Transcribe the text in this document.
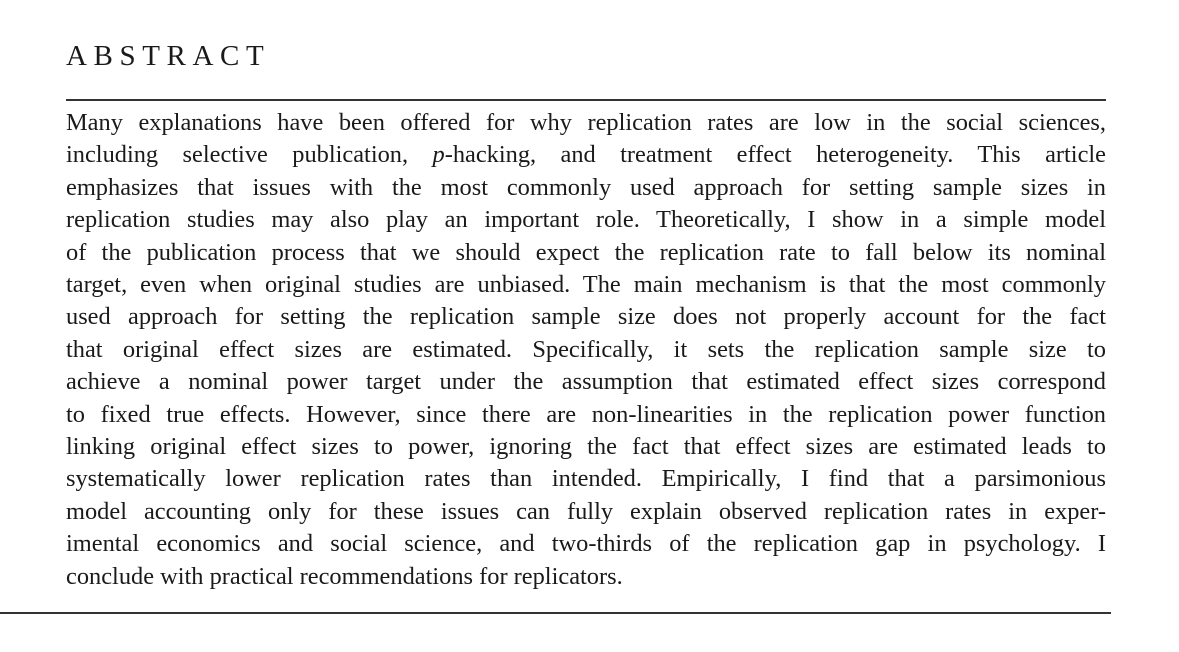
ABSTRACT
Many explanations have been offered for why replication rates are low in the social sciences,
including selective publication, p-hacking, and treatment effect heterogeneity. This article
emphasizes that issues with the most commonly used approach for setting sample sizes in
replication studies may also play an important role. Theoretically, I show in a simple model
of the publication process that we should expect the replication rate to fall below its nominal
target, even when original studies are unbiased. The main mechanism is that the most commonly
used approach for setting the replication sample size does not properly account for the fact
that original effect sizes are estimated. Specifically, it sets the replication sample size to
achieve a nominal power target under the assumption that estimated effect sizes correspond
to fixed true effects. However, since there are non-linearities in the replication power function
linking original effect sizes to power, ignoring the fact that effect sizes are estimated leads to
systematically lower replication rates than intended. Empirically, I find that a parsimonious
model accounting only for these issues can fully explain observed replication rates in exper-
imental economics and social science, and two-thirds of the replication gap in psychology. I
conclude with practical recommendations for replicators.
